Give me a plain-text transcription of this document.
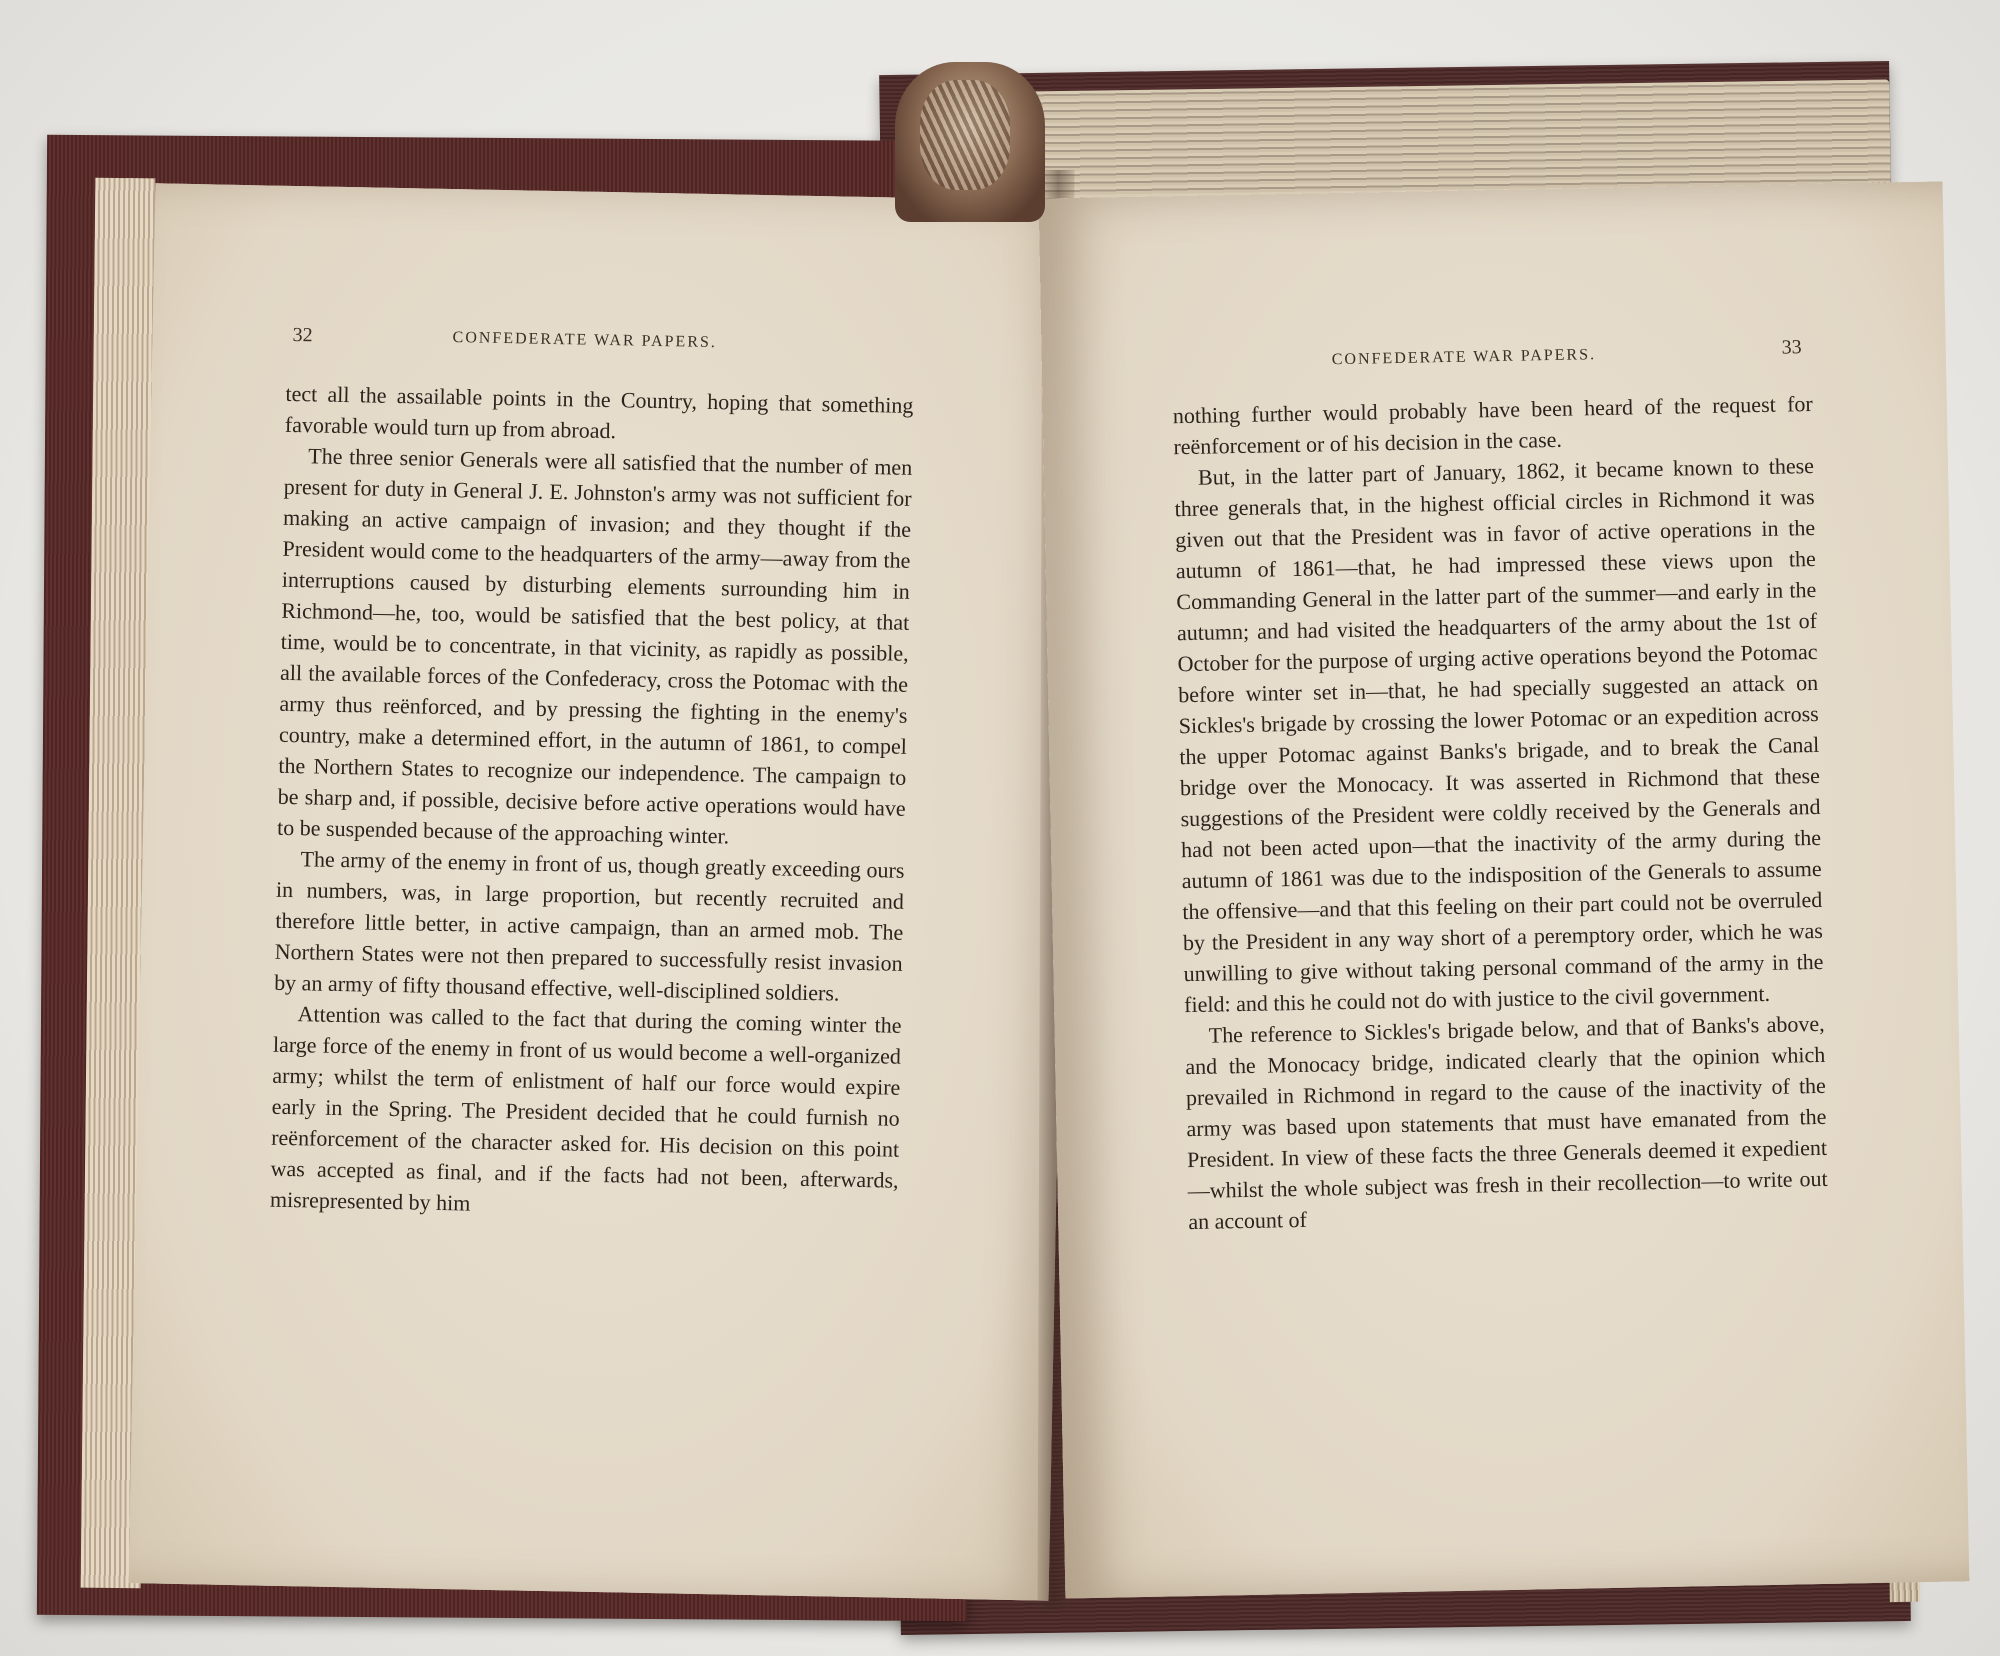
32	CONFEDERATE WAR PAPERS.

tect all the assailable points in the Country, hoping that something favorable would turn up from abroad.

The three senior Generals were all satisfied that the number of men present for duty in General J. E. Johnston's army was not sufficient for making an active campaign of invasion; and they thought if the President would come to the headquarters of the army—away from the interruptions caused by disturbing elements surrounding him in Richmond—he, too, would be satisfied that the best policy, at that time, would be to concentrate, in that vicinity, as rapidly as possible, all the available forces of the Confederacy, cross the Potomac with the army thus reënforced, and by pressing the fighting in the enemy's country, make a determined effort, in the autumn of 1861, to compel the Northern States to recognize our independence. The campaign to be sharp and, if possible, decisive before active operations would have to be suspended because of the approaching winter.

The army of the enemy in front of us, though greatly exceeding ours in numbers, was, in large proportion, but recently recruited and therefore little better, in active campaign, than an armed mob. The Northern States were not then prepared to successfully resist invasion by an army of fifty thousand effective, well-disciplined soldiers.

Attention was called to the fact that during the coming winter the large force of the enemy in front of us would become a well-organized army; whilst the term of enlistment of half our force would expire early in the Spring. The President decided that he could furnish no reënforcement of the character asked for. His decision on this point was accepted as final, and if the facts had not been, afterwards, misrepresented by him

CONFEDERATE WAR PAPERS.	33

nothing further would probably have been heard of the request for reënforcement or of his decision in the case.

But, in the latter part of January, 1862, it became known to these three generals that, in the highest official circles in Richmond it was given out that the President was in favor of active operations in the autumn of 1861—that, he had impressed these views upon the Commanding General in the latter part of the summer—and early in the autumn; and had visited the headquarters of the army about the 1st of October for the purpose of urging active operations beyond the Potomac before winter set in—that, he had specially suggested an attack on Sickles's brigade by crossing the lower Potomac or an expedition across the upper Potomac against Banks's brigade, and to break the Canal bridge over the Monocacy. It was asserted in Richmond that these suggestions of the President were coldly received by the Generals and had not been acted upon—that the inactivity of the army during the autumn of 1861 was due to the indisposition of the Generals to assume the offensive—and that this feeling on their part could not be overruled by the President in any way short of a peremptory order, which he was unwilling to give without taking personal command of the army in the field: and this he could not do with justice to the civil government.

The reference to Sickles's brigade below, and that of Banks's above, and the Monocacy bridge, indicated clearly that the opinion which prevailed in Richmond in regard to the cause of the inactivity of the army was based upon statements that must have emanated from the President. In view of these facts the three Generals deemed it expedient—whilst the whole subject was fresh in their recollection—to write out an account of
